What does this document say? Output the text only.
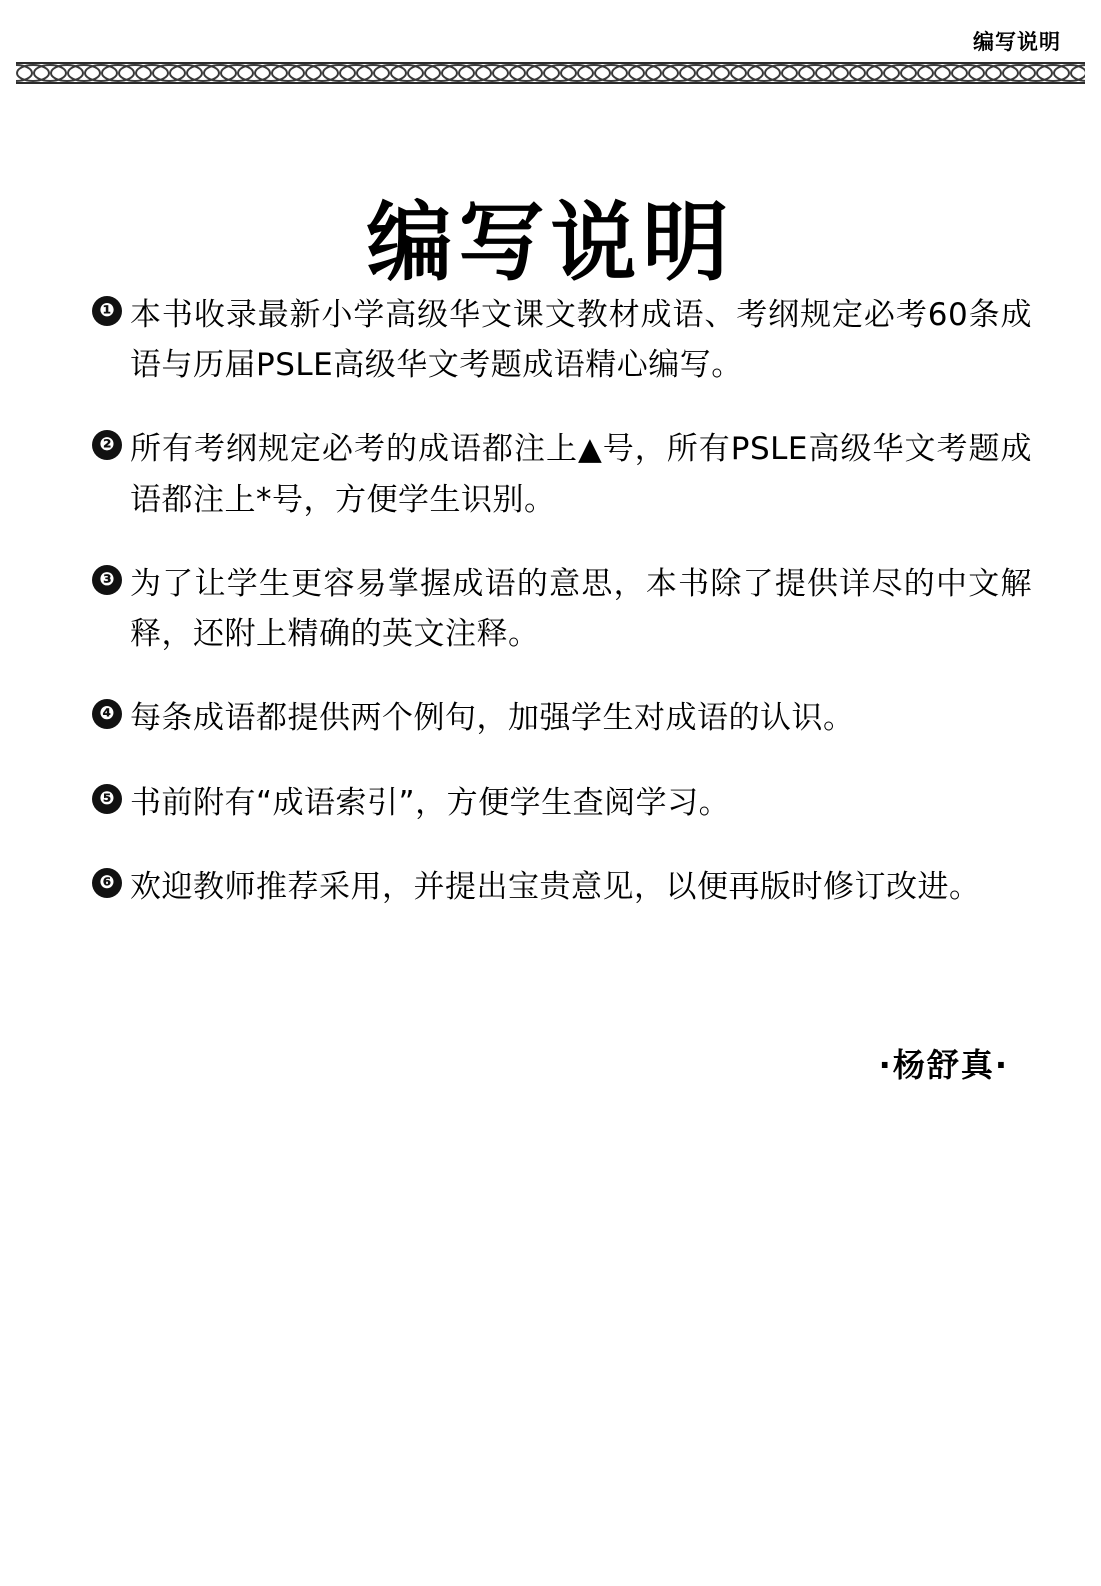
编写说明
编写说明
❶ 本书收录最新小学高级华文课文教材成语、考纲规定必考60条成语与历届PSLE高级华文考题成语精心编写。
❷ 所有考纲规定必考的成语都注上▲号，所有PSLE高级华文考题成语都注上*号，方便学生识别。
❸ 为了让学生更容易掌握成语的意思，本书除了提供详尽的中文解释，还附上精确的英文注释。
❹ 每条成语都提供两个例句，加强学生对成语的认识。
❺ 书前附有“成语索引”，方便学生查阅学习。
❻ 欢迎教师推荐采用，并提出宝贵意见，以便再版时修订改进。
·杨舒真·
